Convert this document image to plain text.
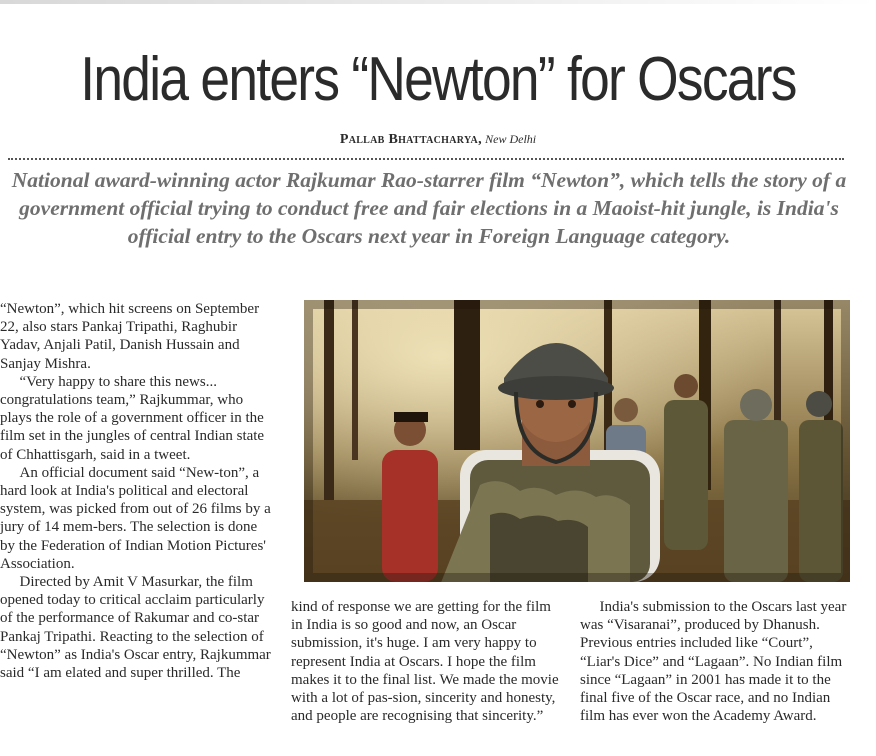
India enters “Newton” for Oscars
Pallab Bhattacharya, New Delhi
National award-winning actor Rajkumar Rao-starrer film “Newton”, which tells the story of a government official trying to conduct free and fair elections in a Maoist-hit jungle, is India's official entry to the Oscars next year in Foreign Language category.

“Newton”, which hit screens on September 22, also stars Pankaj Tripathi, Raghubir Yadav, Anjali Patil, Danish Hussain and Sanjay Mishra.

“Very happy to share this news... congratulations team,” Rajkummar, who plays the role of a government officer in the film set in the jungles of central Indian state of Chhattisgarh, said in a tweet.

An official document said “New-ton”, a hard look at India's political and electoral system, was picked from out of 26 films by a jury of 14 mem-bers. The selection is done by the Federation of Indian Motion Pictures' Association.

Directed by Amit V Masurkar, the film opened today to critical acclaim particularly of the performance of Rakumar and co-star Pankaj Tripathi. Reacting to the selection of “Newton” as India's Oscar entry, Rajkummar said “I am elated and super thrilled. The

kind of response we are getting for the film in India is so good and now, an Oscar submission, it's huge. I am very happy to represent India at Oscars. I hope the film makes it to the final list. We made the movie with a lot of pas-sion, sincerity and honesty, and people are recognising that sincerity.”

India's submission to the Oscars last year was “Visaranai”, produced by Dhanush. Previous entries included like “Court”, “Liar's Dice” and “Lagaan”. No Indian film since “Lagaan” in 2001 has made it to the final five of the Oscar race, and no Indian film has ever won the Academy Award.
